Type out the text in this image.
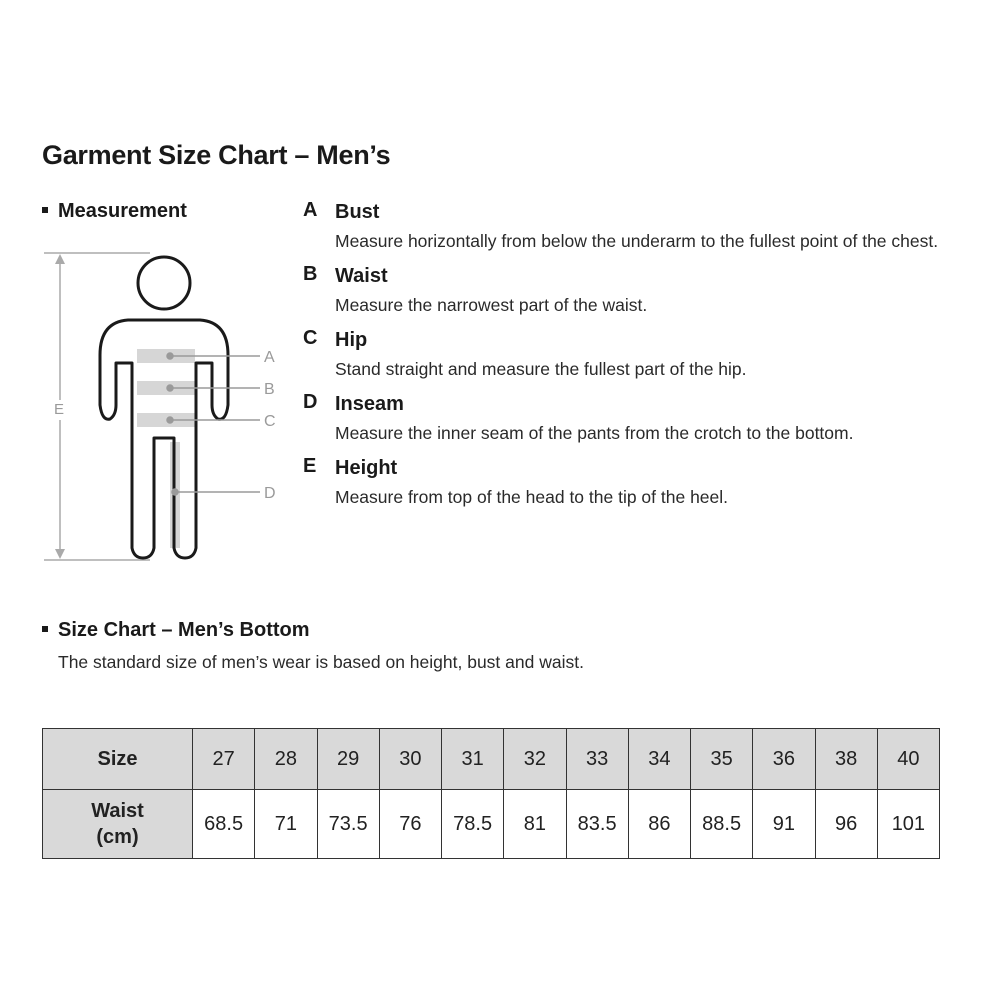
Garment Size Chart – Men’s
Measurement
E
A
B
C
D
A Bust
Measure horizontally from below the underarm to the fullest point of the chest.
B Waist
Measure the narrowest part of the waist.
C Hip
Stand straight and measure the fullest part of the hip.
D Inseam
Measure the inner seam of the pants from the crotch to the bottom.
E Height
Measure from top of the head to the tip of the heel.
Size Chart – Men’s Bottom
The standard size of men’s wear is based on height, bust and waist.
Size	27	28	29	30	31	32	33	34	35	36	38	40

Waist
(cm)	68.5	71	73.5	76	78.5	81	83.5	86	88.5	91	96	101
